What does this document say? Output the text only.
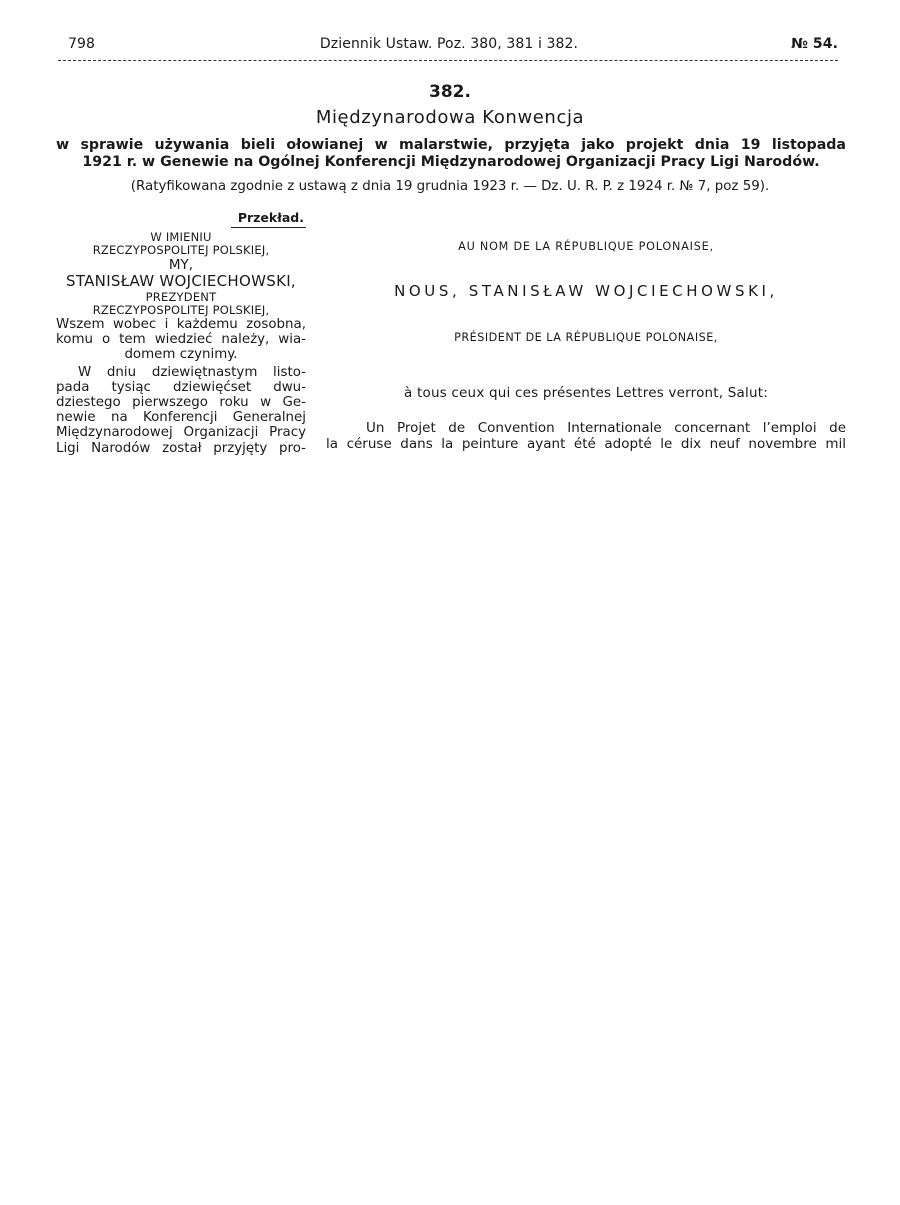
798	Dziennik Ustaw. Poz. 380, 381 i 382.	№ 54.
382.
Międzynarodowa Konwencja
w sprawie używania bieli ołowianej w malarstwie, przyjęta jako projekt dnia 19 listopada
1921 r. w Genewie na Ogólnej Konferencji Międzynarodowej Organizacji Pracy Ligi Narodów.
(Ratyfikowana zgodnie z ustawą z dnia 19 grudnia 1923 r. — Dz. U. R. P. z 1924 r. № 7, poz 59).
Przekład.
W IMIENIU
RZECZYPOSPOLITEJ POLSKIEJ,
MY,
STANISŁAW WOJCIECHOWSKI,
PREZYDENT
RZECZYPOSPOLITEJ POLSKIEJ,
Wszem wobec i każdemu zosobna,
komu o tem wiedzieć należy, wia-
domem czynimy.
W dniu dziewiętnastym listo-
pada tysiąc dziewięćset dwu-
dziestego pierwszego roku w Ge-
newie na Konferencji Generalnej
Międzynarodowej Organizacji Pracy
Ligi Narodów został przyjęty pro-
AU NOM DE LA RÉPUBLIQUE POLONAISE,
NOUS, STANISŁAW WOJCIECHOWSKI,
PRÉSIDENT DE LA RÉPUBLIQUE POLONAISE,
à tous ceux qui ces présentes Lettres verront, Salut:
Un Projet de Convention Internationale concernant l’emploi de
la céruse dans la peinture ayant été adopté le dix neuf novembre mil
